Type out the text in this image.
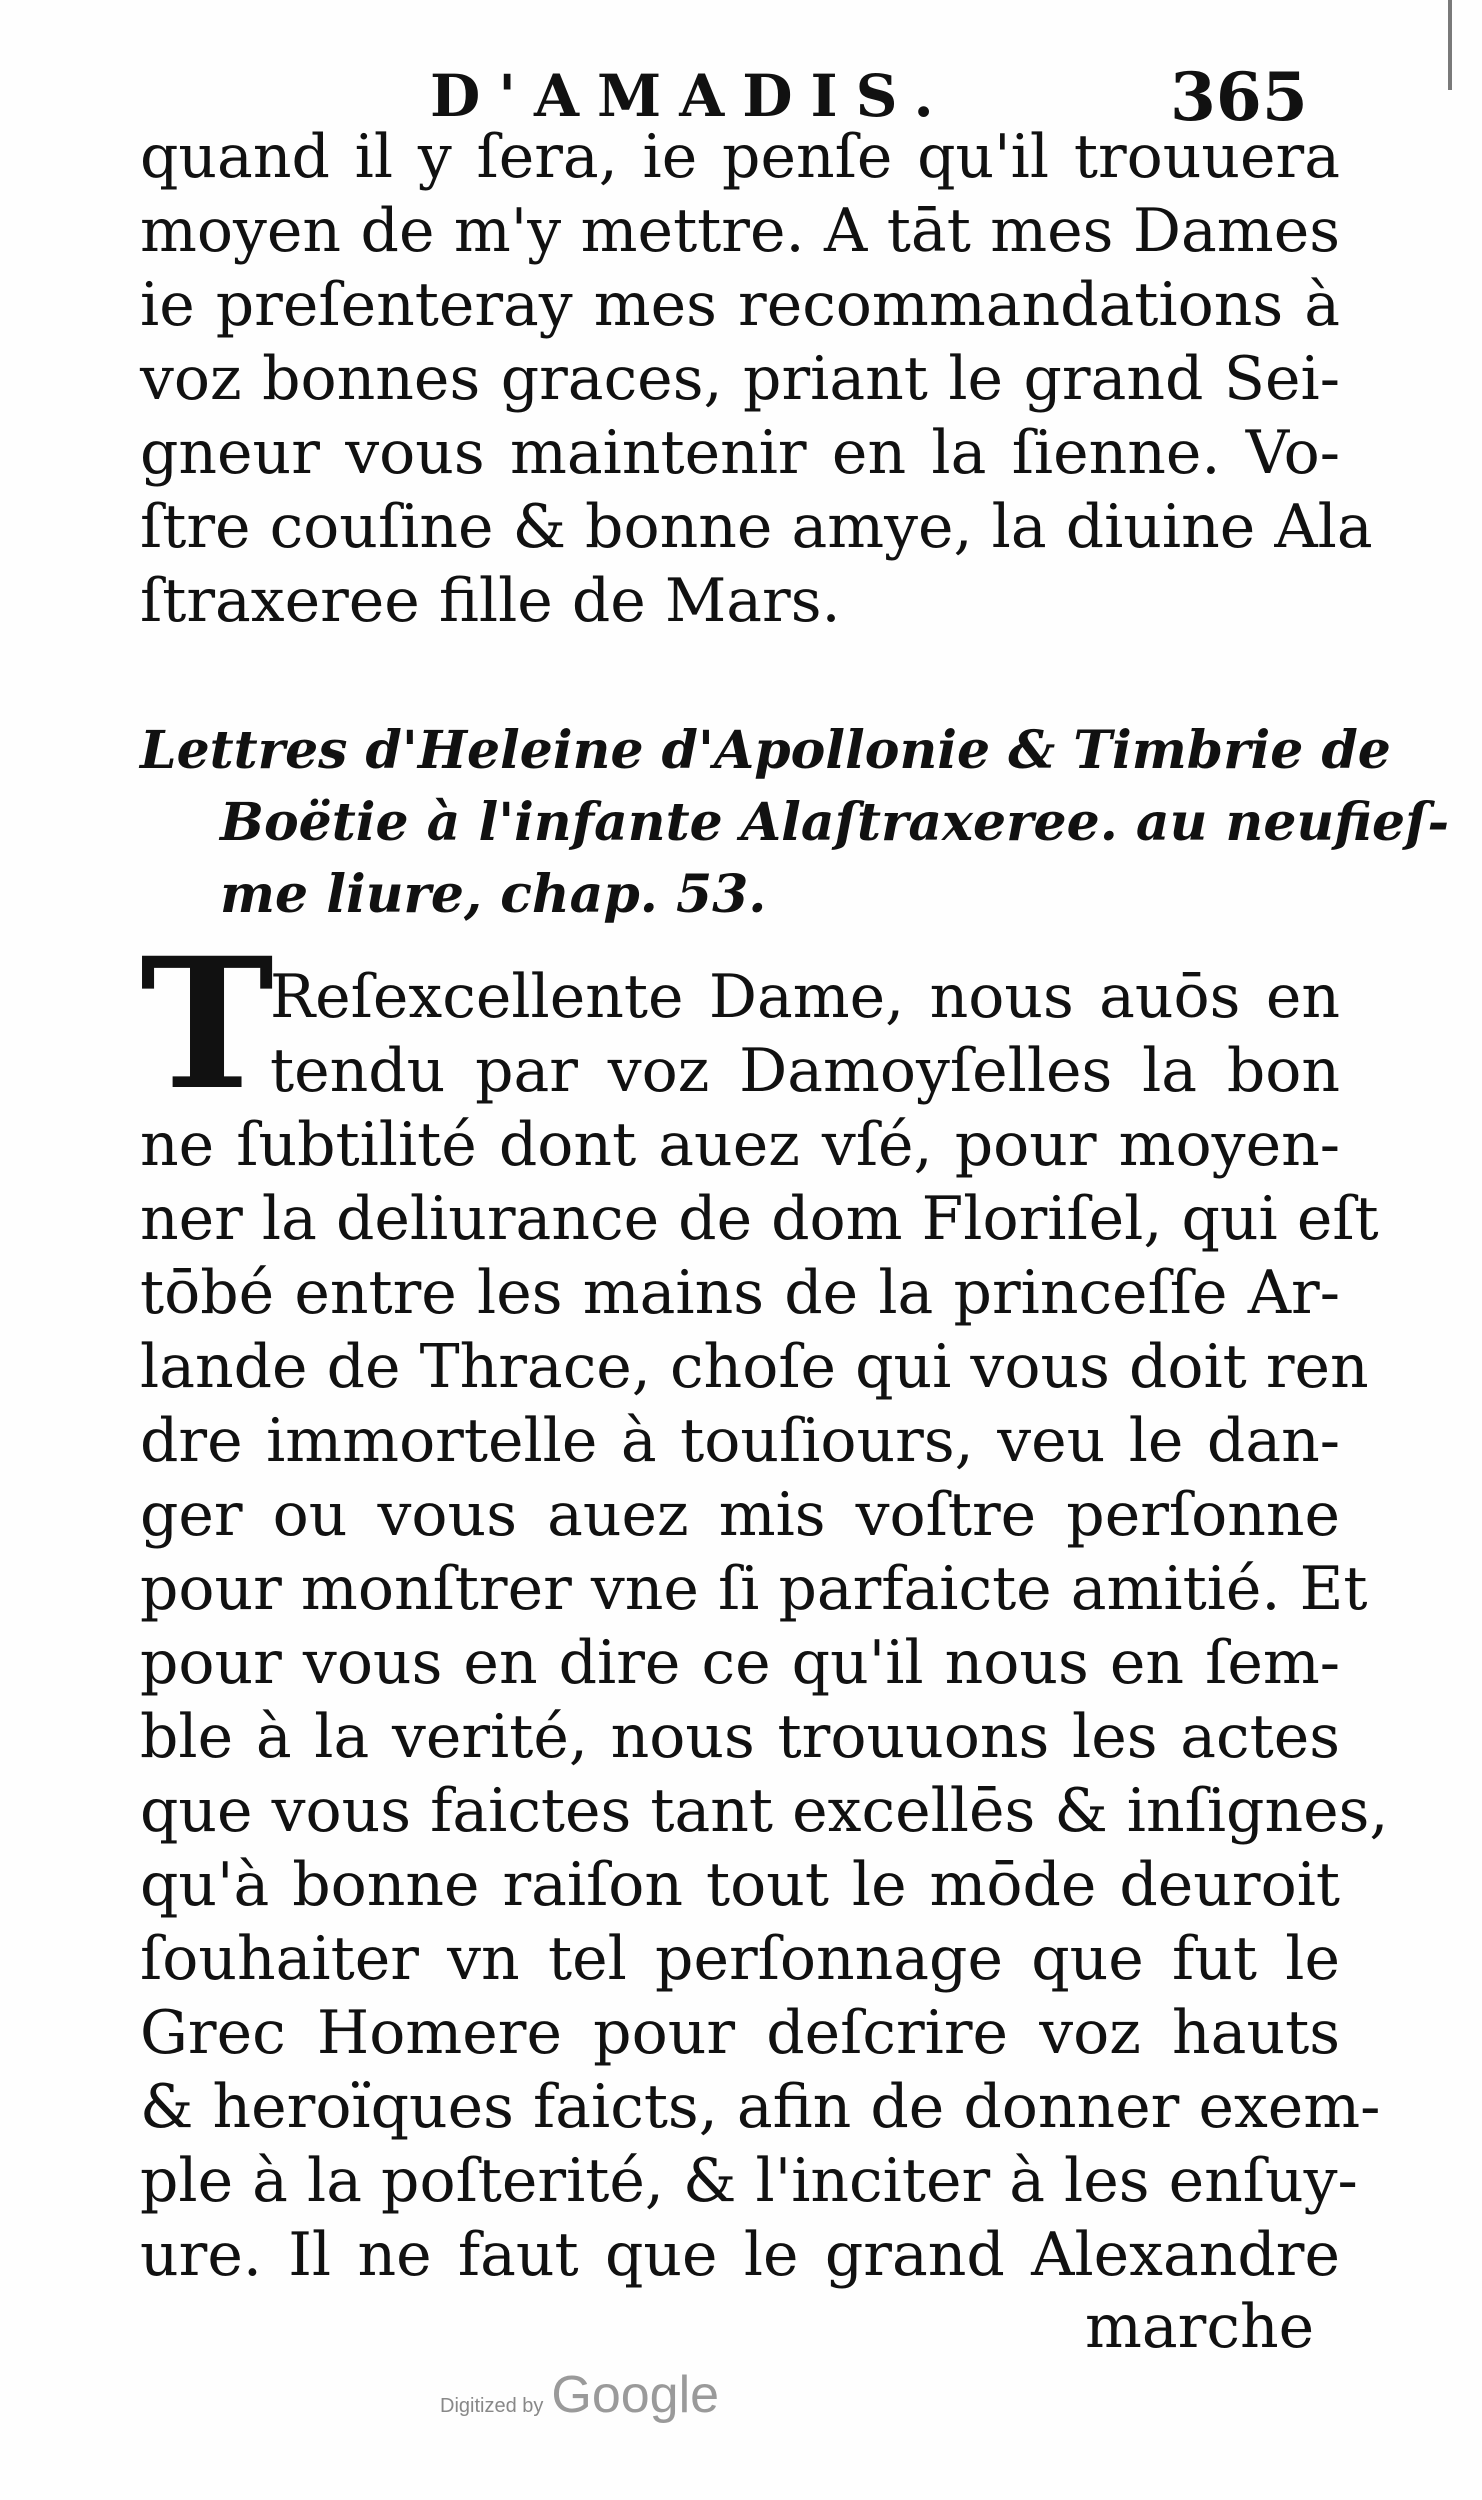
D'AMADIS.	365
quand il y ſera, ie penſe qu'il trouuera
moyen de m'y mettre. A tāt mes Dames
ie preſenteray mes recommandations à
voz bonnes graces, priant le grand Sei-
gneur vous maintenir en la ſienne. Vo-
ſtre couſine & bonne amye, la diuine Ala
ſtraxeree fille de Mars.
Lettres d'Heleine d'Apollonie & Timbrie de
Boëtie à l'infante Alaſtraxeree. au neufieſ-
me liure, chap. 53.
T
Reſexcellente Dame, nous auōs en
tendu par voz Damoyſelles la bon
ne ſubtilité dont auez vſé, pour moyen-
ner la deliurance de dom Floriſel, qui eſt
tōbé entre les mains de la princeſſe Ar-
lande de Thrace, choſe qui vous doit ren
dre immortelle à touſiours, veu le dan-
ger ou vous auez mis voſtre perſonne
pour monſtrer vne ſi parfaicte amitié. Et
pour vous en dire ce qu'il nous en ſem-
ble à la verité, nous trouuons les actes
que vous faictes tant excellēs & inſignes,
qu'à bonne raiſon tout le mōde deuroit
ſouhaiter vn tel perſonnage que fut le
Grec Homere pour deſcrire voz hauts
& heroïques faicts, afin de donner exem-
ple à la poſterité, & l'inciter à les enſuy-
ure. Il ne faut que le grand Alexandre
marche
Digitized by Google
